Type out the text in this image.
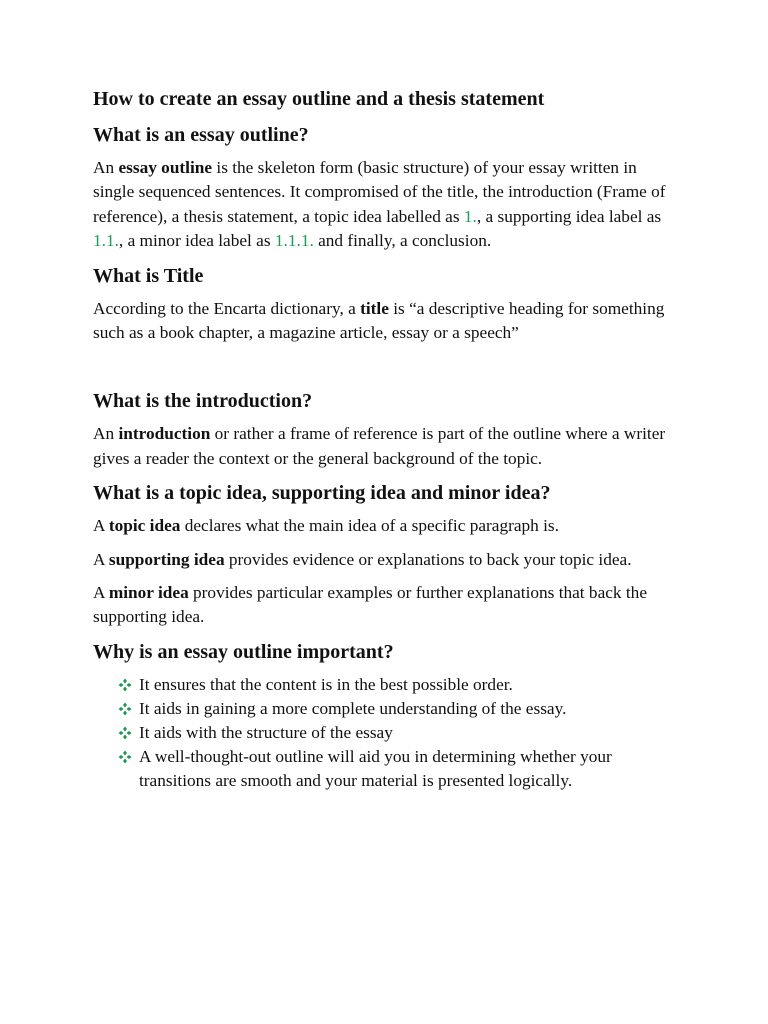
How to create an essay outline and a thesis statement
What is an essay outline?

An essay outline is the skeleton form (basic structure) of your essay written in single sequenced sentences. It compromised of the title, the introduction (Frame of reference), a thesis statement, a topic idea labelled as 1., a supporting idea label as 1.1., a minor idea label as 1.1.1. and finally, a conclusion.

What is Title

According to the Encarta dictionary, a title is “a descriptive heading for something such as a book chapter, a magazine article, essay or a speech”

What is the introduction?

An introduction or rather a frame of reference is part of the outline where a writer gives a reader the context or the general background of the topic.

What is a topic idea, supporting idea and minor idea?

A topic idea declares what the main idea of a specific paragraph is.

A supporting idea provides evidence or explanations to back your topic idea.

A minor idea provides particular examples or further explanations that back the supporting idea.

Why is an essay outline important?
It ensures that the content is in the best possible order.
It aids in gaining a more complete understanding of the essay.
It aids with the structure of the essay
A well-thought-out outline will aid you in determining whether your transitions are smooth and your material is presented logically.
